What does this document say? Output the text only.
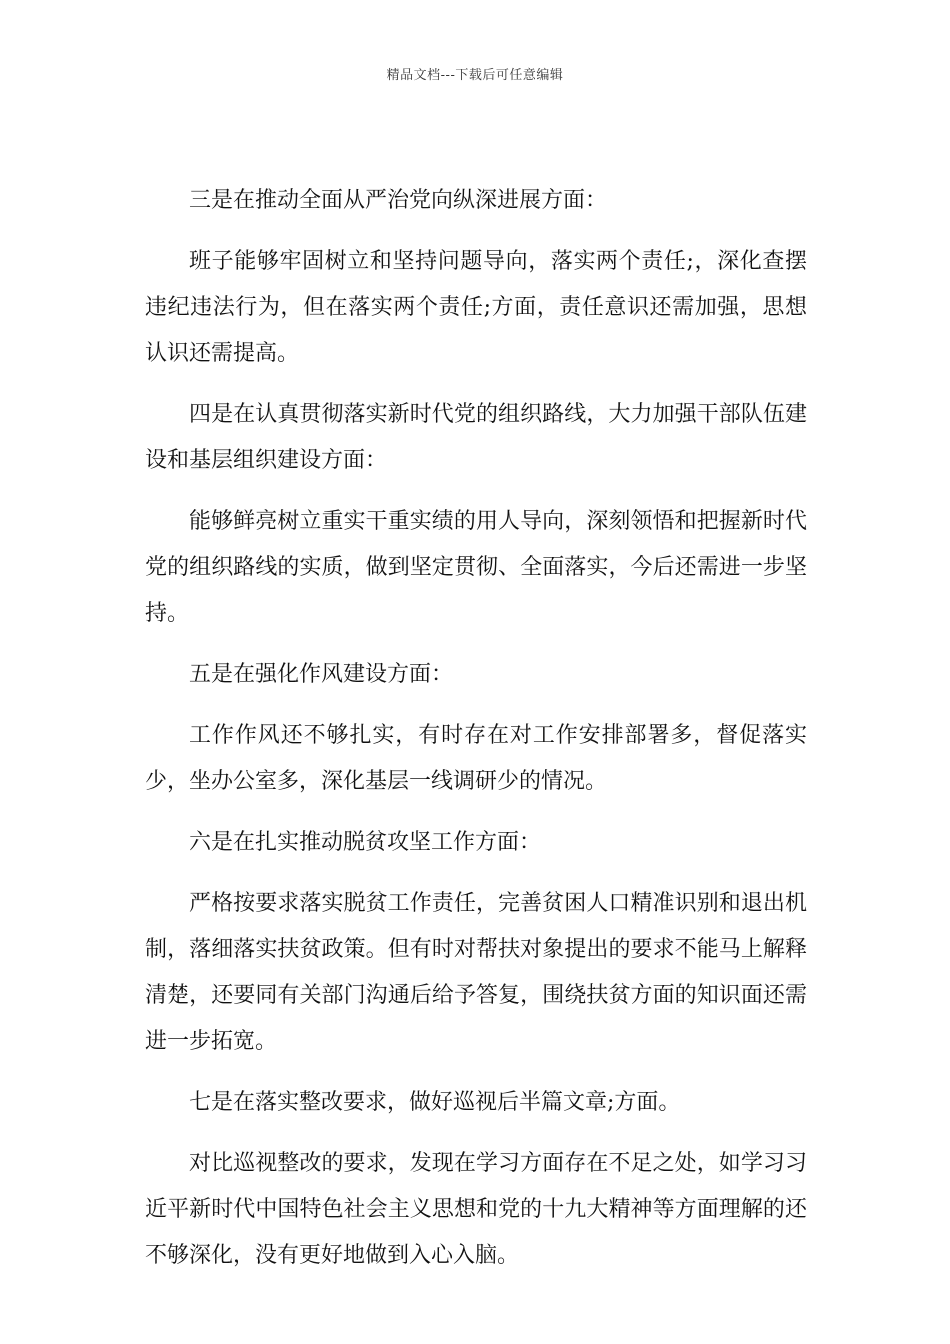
精品文档---下载后可任意编辑

三是在推动全面从严治党向纵深进展方面：

班子能够牢固树立和坚持问题导向，落实两个责任;，深化查摆违纪违法行为，但在落实两个责任;方面，责任意识还需加强，思想认识还需提高。

四是在认真贯彻落实新时代党的组织路线，大力加强干部队伍建设和基层组织建设方面：

能够鲜亮树立重实干重实绩的用人导向，深刻领悟和把握新时代党的组织路线的实质，做到坚定贯彻、全面落实，今后还需进一步坚持。

五是在强化作风建设方面：

工作作风还不够扎实，有时存在对工作安排部署多，督促落实少，坐办公室多，深化基层一线调研少的情况。

六是在扎实推动脱贫攻坚工作方面：

严格按要求落实脱贫工作责任，完善贫困人口精准识别和退出机制，落细落实扶贫政策。但有时对帮扶对象提出的要求不能马上解释清楚，还要同有关部门沟通后给予答复，围绕扶贫方面的知识面还需进一步拓宽。

七是在落实整改要求，做好巡视后半篇文章;方面。

对比巡视整改的要求，发现在学习方面存在不足之处，如学习习近平新时代中国特色社会主义思想和党的十九大精神等方面理解的还不够深化，没有更好地做到入心入脑。
